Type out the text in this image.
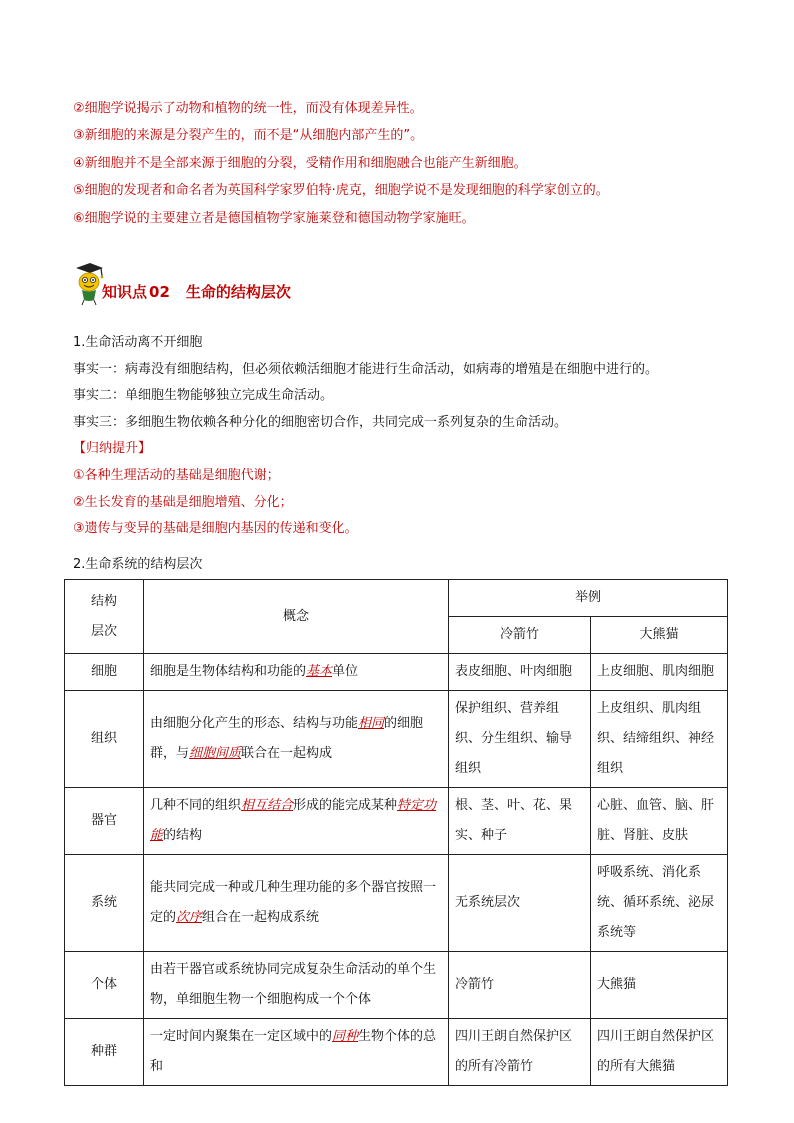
②细胞学说揭示了动物和植物的统一性，而没有体现差异性。

③新细胞的来源是分裂产生的，而不是“从细胞内部产生的”。

④新细胞并不是全部来源于细胞的分裂，受精作用和细胞融合也能产生新细胞。

⑤细胞的发现者和命名者为英国科学家罗伯特·虎克，细胞学说不是发现细胞的科学家创立的。

⑥细胞学说的主要建立者是德国植物学家施莱登和德国动物学家施旺。

知识点 02 生命的结构层次

1.生命活动离不开细胞

事实一：病毒没有细胞结构，但必须依赖活细胞才能进行生命活动，如病毒的增殖是在细胞中进行的。

事实二：单细胞生物能够独立完成生命活动。

事实三：多细胞生物依赖各种分化的细胞密切合作，共同完成一系列复杂的生命活动。

【归纳提升】

①各种生理活动的基础是细胞代谢；

②生长发育的基础是细胞增殖、分化；

③遗传与变异的基础是细胞内基因的传递和变化。

2.生命系统的结构层次
结构
层次	概念	举例	
		冷箭竹	大熊猫
细胞	细胞是生物体结构和功能的基本单位	表皮细胞、叶肉细胞	上皮细胞、肌肉细胞
组织	由细胞分化产生的形态、结构与功能相同的细胞群，与细胞间质联合在一起构成	保护组织、营养组织、分生组织、输导组织	上皮组织、肌肉组织、结缔组织、神经组织
器官	几种不同的组织相互结合形成的能完成某种特定功能的结构	根、茎、叶、花、果实、种子	心脏、血管、脑、肝脏、肾脏、皮肤
系统	能共同完成一种或几种生理功能的多个器官按照一定的次序组合在一起构成系统	无系统层次	呼吸系统、消化系统、循环系统、泌尿系统等
个体	由若干器官或系统协同完成复杂生命活动的单个生物，单细胞生物一个细胞构成一个个体	冷箭竹	大熊猫
种群	一定时间内聚集在一定区域中的同种生物个体的总和	四川王朗自然保护区的所有冷箭竹	四川王朗自然保护区的所有大熊猫
